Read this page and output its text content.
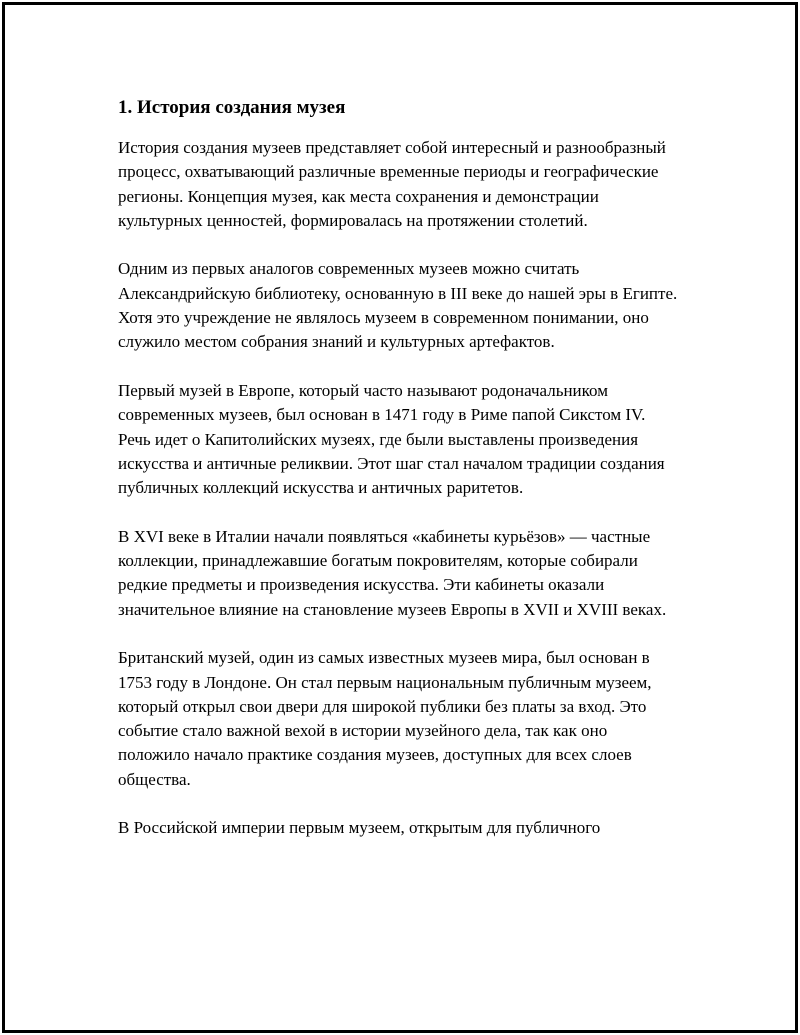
1. История создания музея

История создания музеев представляет собой интересный и разнообразный процесс, охватывающий различные временные периоды и географические регионы. Концепция музея, как места сохранения и демонстрации культурных ценностей, формировалась на протяжении столетий.

Одним из первых аналогов современных музеев можно считать Александрийскую библиотеку, основанную в III веке до нашей эры в Египте. Хотя это учреждение не являлось музеем в современном понимании, оно служило местом собрания знаний и культурных артефактов.

Первый музей в Европе, который часто называют родоначальником современных музеев, был основан в 1471 году в Риме папой Сикстом IV. Речь идет о Капитолийских музеях, где были выставлены произведения искусства и античные реликвии. Этот шаг стал началом традиции создания публичных коллекций искусства и античных раритетов.

В XVI веке в Италии начали появляться «кабинеты курьёзов» — частные коллекции, принадлежавшие богатым покровителям, которые собирали редкие предметы и произведения искусства. Эти кабинеты оказали значительное влияние на становление музеев Европы в XVII и XVIII веках.

Британский музей, один из самых известных музеев мира, был основан в 1753 году в Лондоне. Он стал первым национальным публичным музеем, который открыл свои двери для широкой публики без платы за вход. Это событие стало важной вехой в истории музейного дела, так как оно положило начало практике создания музеев, доступных для всех слоев общества.

В Российской империи первым музеем, открытым для публичного
